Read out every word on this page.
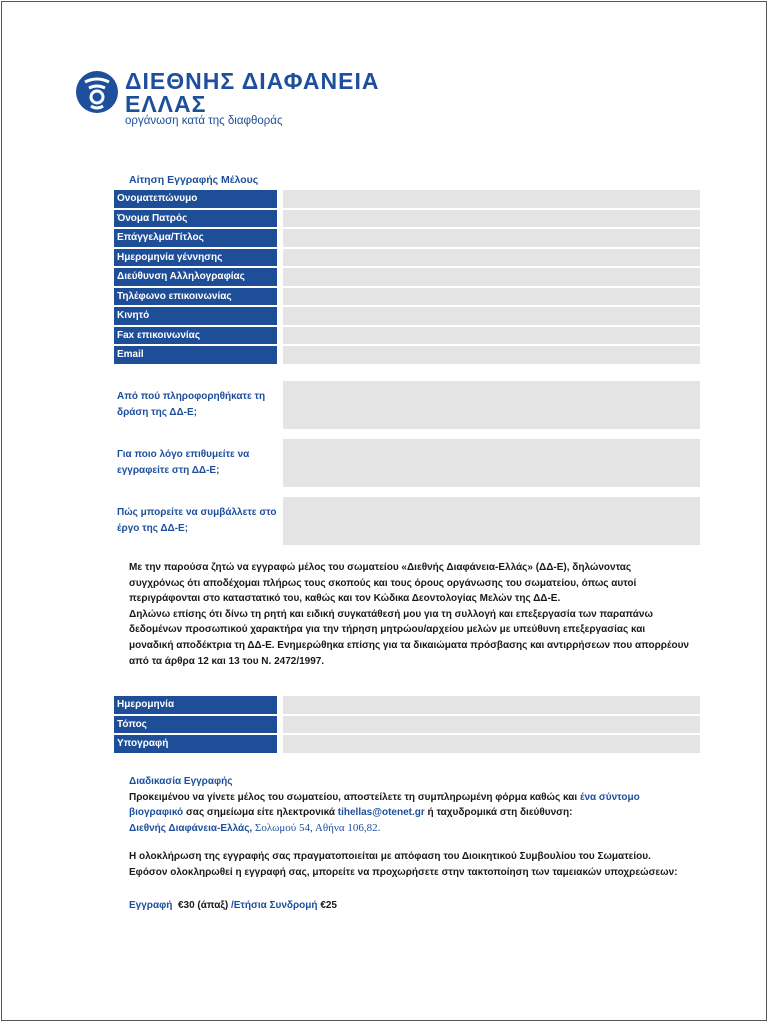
ΔΙΕΘΝΗΣ ΔΙΑΦΑΝΕΙΑ
ΕΛΛΑΣ
οργάνωση κατά της διαφθοράς
Αίτηση Εγγραφής Μέλους
Ονοματεπώνυμο
Όνομα Πατρός
Επάγγελμα/Τίτλος
Ημερομηνία γέννησης
Διεύθυνση Αλληλογραφίας
Τηλέφωνο επικοινωνίας
Κινητό
Fax επικοινωνίας
Email
Από πού πληροφορηθήκατε τη δράση της ΔΔ-Ε;
Για ποιο λόγο επιθυμείτε να εγγραφείτε στη ΔΔ-Ε;
Πώς μπορείτε να συμβάλλετε στο έργο της ΔΔ-Ε;

Με την παρούσα ζητώ να εγγραφώ μέλος του σωματείου «Διεθνής Διαφάνεια-Ελλάς» (ΔΔ-Ε), δηλώνοντας συγχρόνως ότι αποδέχομαι πλήρως τους σκοπούς και τους όρους οργάνωσης του σωματείου, όπως αυτοί περιγράφονται στο καταστατικό του, καθώς και τον Κώδικα Δεοντολογίας Μελών της ΔΔ-Ε.

Δηλώνω επίσης ότι δίνω τη ρητή και ειδική συγκατάθεσή μου για τη συλλογή και επεξεργασία των παραπάνω δεδομένων προσωπικού χαρακτήρα για την τήρηση μητρώου/αρχείου μελών με υπεύθυνη επεξεργασίας και μοναδική αποδέκτρια τη ΔΔ-Ε. Ενημερώθηκα επίσης για τα δικαιώματα πρόσβασης και αντιρρήσεων που απορρέουν από τα άρθρα 12 και 13 του Ν. 2472/1997.

Ημερομηνία
Τόπος
Υπογραφή

Διαδικασία Εγγραφής

Προκειμένου να γίνετε μέλος του σωματείου, αποστείλετε τη συμπληρωμένη φόρμα καθώς και ένα σύντομο βιογραφικό σας σημείωμα είτε ηλεκτρονικά tihellas@otenet.gr ή ταχυδρομικά στη διεύθυνση:

Διεθνής Διαφάνεια-Ελλάς, Σολωμού 54, Αθήνα 106,82.

Η ολοκλήρωση της εγγραφής σας πραγματοποιείται με απόφαση του Διοικητικού Συμβουλίου του Σωματείου. Εφόσον ολοκληρωθεί η εγγραφή σας, μπορείτε να προχωρήσετε στην τακτοποίηση των ταμειακών υποχρεώσεων:

Εγγραφή €30 (άπαξ) /Ετήσια Συνδρομή €25
